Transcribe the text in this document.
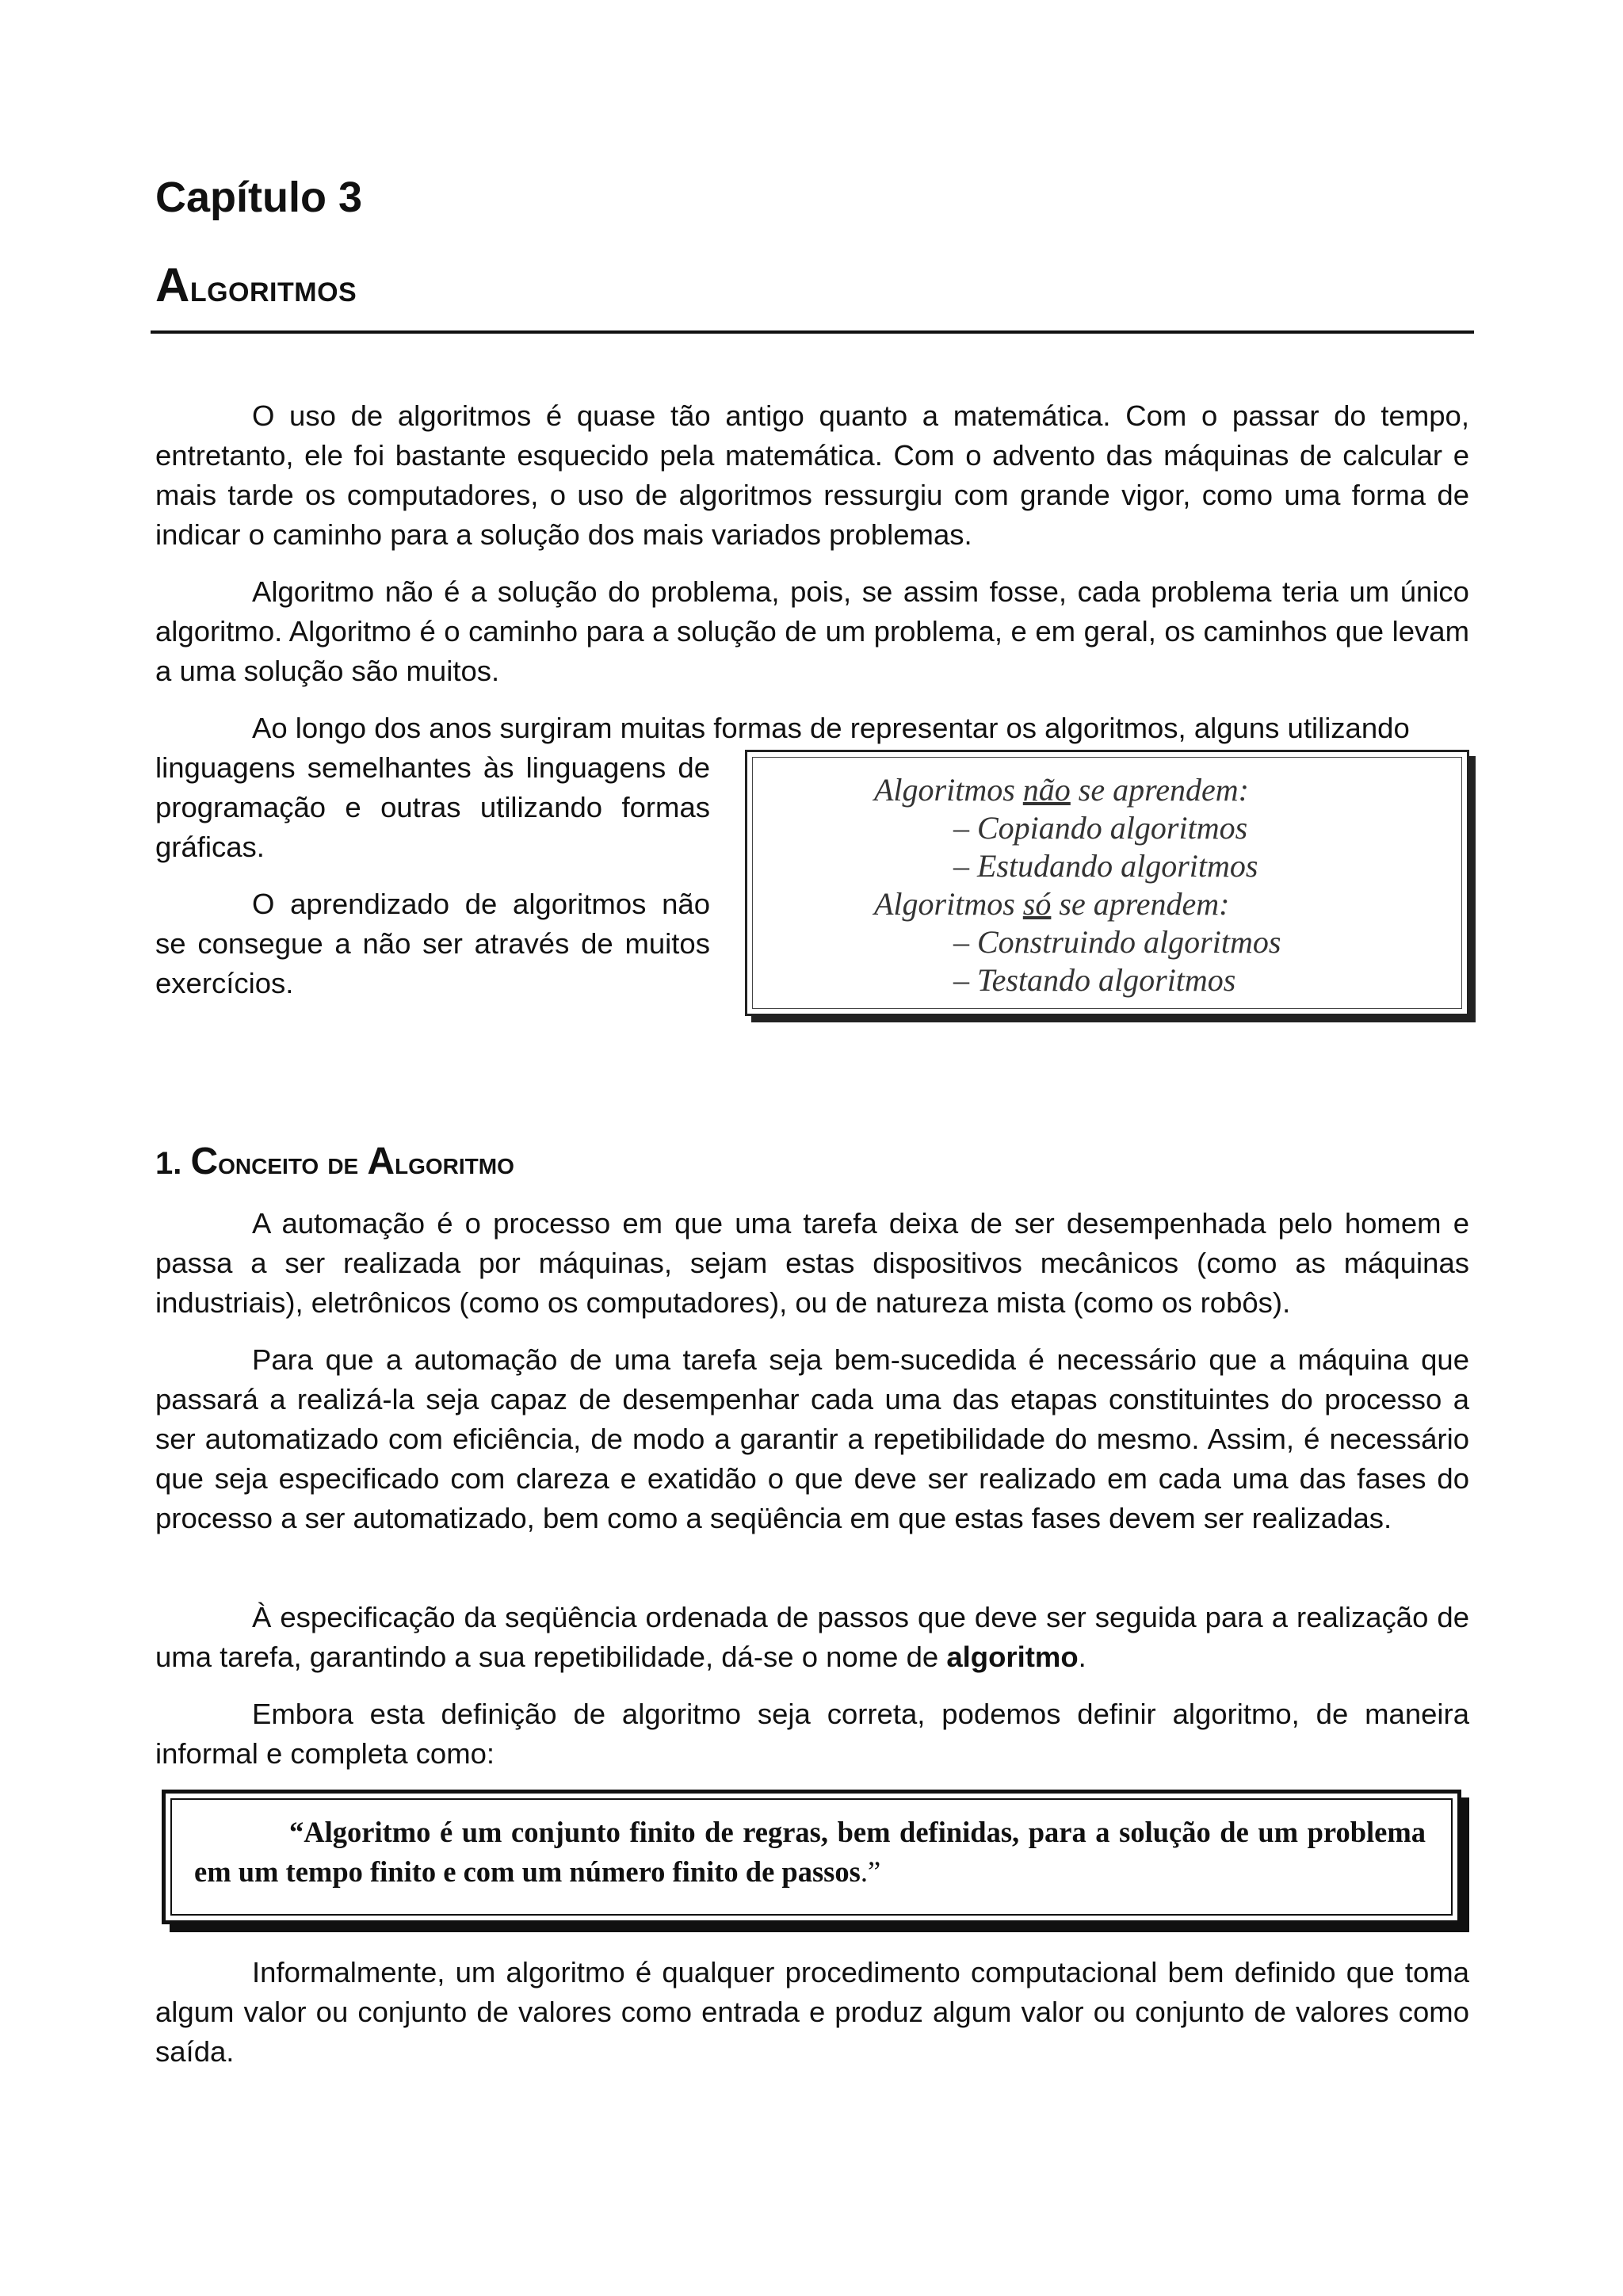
Capítulo 3
Algoritmos

O uso de algoritmos é quase tão antigo quanto a matemática. Com o passar do tempo, entretanto, ele foi bastante esquecido pela matemática. Com o advento das máquinas de calcular e mais tarde os computadores, o uso de algoritmos ressurgiu com grande vigor, como uma forma de indicar o caminho para a solução dos mais variados problemas.

Algoritmo não é a solução do problema, pois, se assim fosse, cada problema teria um único algoritmo. Algoritmo é o caminho para a solução de um problema, e em geral, os caminhos que levam a uma solução são muitos.

Ao longo dos anos surgiram muitas formas de representar os algoritmos, alguns utilizando

linguagens semelhantes às linguagens de programação e outras utilizando formas gráficas.

O aprendizado de algoritmos não se consegue a não ser através de muitos exercícios.

Algoritmos não se aprendem:

– Copiando algoritmos

– Estudando algoritmos

Algoritmos só se aprendem:

– Construindo algoritmos

– Testando algoritmos

1. Conceito de Algoritmo

A automação é o processo em que uma tarefa deixa de ser desempenhada pelo homem e passa a ser realizada por máquinas, sejam estas dispositivos mecânicos (como as máquinas industriais), eletrônicos (como os computadores), ou de natureza mista (como os robôs).

Para que a automação de uma tarefa seja bem-sucedida é necessário que a máquina que passará a realizá-la seja capaz de desempenhar cada uma das etapas constituintes do processo a ser automatizado com eficiência, de modo a garantir a repetibilidade do mesmo. Assim, é necessário que seja especificado com clareza e exatidão o que deve ser realizado em cada uma das fases do processo a ser automatizado, bem como a seqüência em que estas fases devem ser realizadas.

À especificação da seqüência ordenada de passos que deve ser seguida para a realização de uma tarefa, garantindo a sua repetibilidade, dá-se o nome de algoritmo.

Embora esta definição de algoritmo seja correta, podemos definir algoritmo, de maneira informal e completa como:

“Algoritmo é um conjunto finito de regras, bem definidas, para a solução de um problema em um tempo finito e com um número finito de passos.”

Informalmente, um algoritmo é qualquer procedimento computacional bem definido que toma algum valor ou conjunto de valores como entrada e produz algum valor ou conjunto de valores como saída.
